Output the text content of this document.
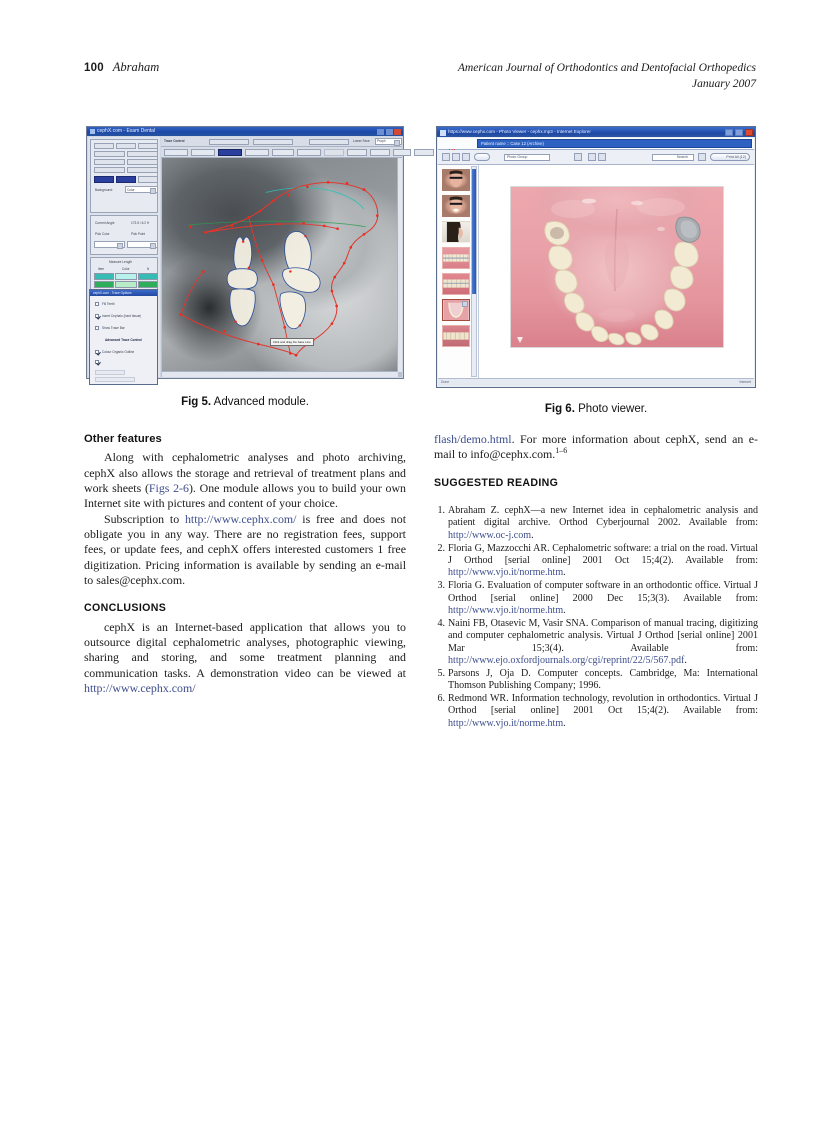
100 Abraham	American Journal of Orthodontics and Dentofacial Orthopedics
January 2007
cephX.com - Exam Dental
Background:	Color
Current Angle	173.5 / 6.2 H
Pick Color	Pick Point
Measure Length
Item	Color	N
cephX.com - Trace Options
Fill Teeth
Insert Cephalo (hard tissue)
Show Trace Bar
Advanced Trace Control
Colour Organic Outline
Trace Control	Lower Face Proph
Click and drag the base Line
Fig 5. Advanced module.
https://www.cephx.com - Photo Viewer - cephx.mp3 - Internet Explorer
Patient name :: Case 12 (Archive)
Photo Group	Search	Print All (12)
Done	Internet
Fig 6. Photo viewer.
Other features

Along with cephalometric analyses and photo archiving, cephX also allows the storage and retrieval of treatment plans and work sheets (Figs 2-6). One module allows you to build your own Internet site with pictures and content of your choice.

Subscription to http://www.cephx.com/ is free and does not obligate you in any way. There are no registration fees, support fees, or update fees, and cephX offers interested customers 1 free digitization. Pricing information is available by sending an e-mail to sales@cephx.com.

CONCLUSIONS

cephX is an Internet-based application that allows you to outsource digital cephalometric analyses, photographic viewing, sharing and storing, and some treatment planning and communication tasks. A demonstration video can be viewed at http://www.cephx.com/

flash/demo.html. For more information about cephX, send an e-mail to info@cephx.com.$^{1-6}$

SUGGESTED READING
1. Abraham Z. cephX—a new Internet idea in cephalometric analysis and patient digital archive. Orthod Cyberjournal 2002. Available from: http://www.oc-j.com.
2. Floria G, Mazzocchi AR. Cephalometric software: a trial on the road. Virtual J Orthod [serial online] 2001 Oct 15;4(2). Available from: http://www.vjo.it/norme.htm.
3. Floria G. Evaluation of computer software in an orthodontic office. Virtual J Orthod [serial online] 2000 Dec 15;3(3). Available from: http://www.vjo.it/norme.htm.
4. Naini FB, Otasevic M, Vasir SNA. Comparison of manual tracing, digitizing and computer cephalometric analysis. Virtual J Orthod [serial online] 2001 Mar 15;3(4). Available from: http://www.ejo.oxfordjournals.org/cgi/reprint/22/5/567.pdf.
5. Parsons J, Oja D. Computer concepts. Cambridge, Ma: International Thomson Publishing Company; 1996.
6. Redmond WR. Information technology, revolution in orthodontics. Virtual J Orthod [serial online] 2001 Oct 15;4(2). Available from: http://www.vjo.it/norme.htm.
